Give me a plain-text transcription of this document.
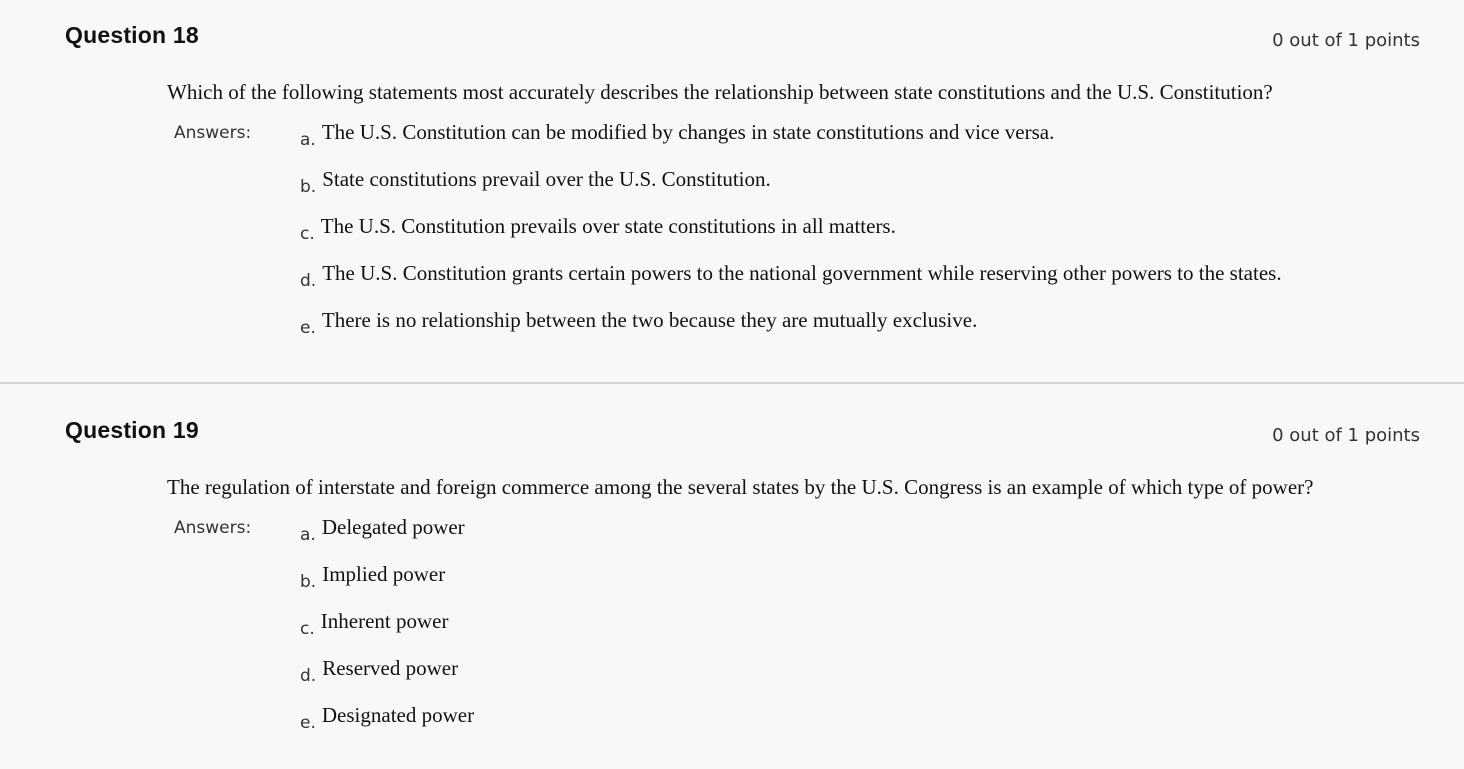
Question 18	0 out of 1 points
Which of the following statements most accurately describes the relationship between state constitutions and the U.S. Constitution?
Answers:	a. The U.S. Constitution can be modified by changes in state constitutions and vice versa.
b. State constitutions prevail over the U.S. Constitution.
c. The U.S. Constitution prevails over state constitutions in all matters.
d. The U.S. Constitution grants certain powers to the national government while reserving other powers to the states.
e. There is no relationship between the two because they are mutually exclusive.
Question 19	0 out of 1 points
The regulation of interstate and foreign commerce among the several states by the U.S. Congress is an example of which type of power?
Answers:	a. Delegated power
b. Implied power
c. Inherent power
d. Reserved power
e. Designated power
